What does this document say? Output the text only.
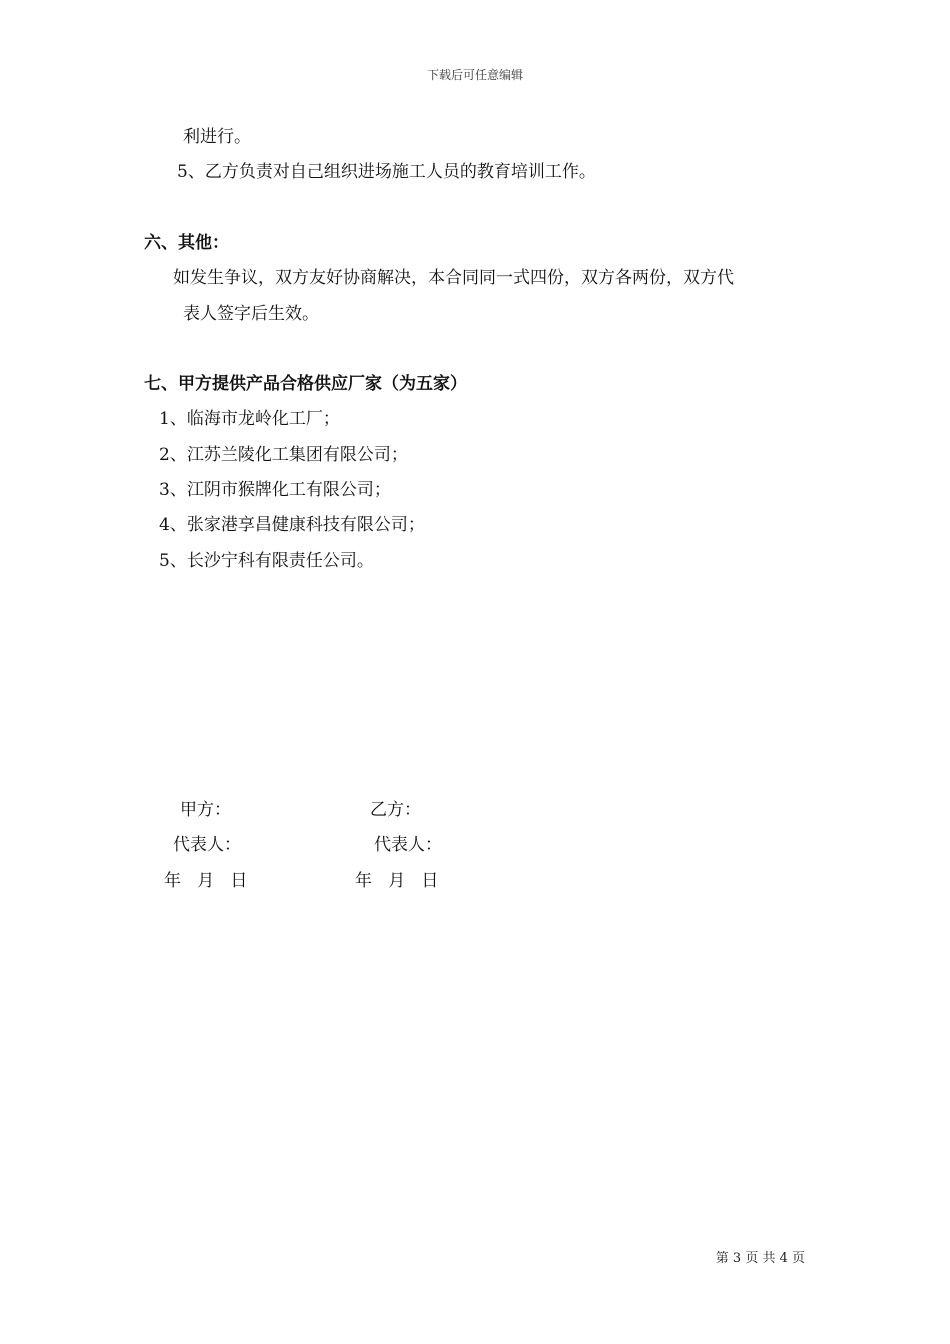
下载后可任意编辑
利进行。
5、乙方负责对自己组织进场施工人员的教育培训工作。
六、其他：
如发生争议，双方友好协商解决，本合同同一式四份，双方各两份，双方代
表人签字后生效。
七、甲方提供产品合格供应厂家（为五家）
1、临海市龙岭化工厂；
2、江苏兰陵化工集团有限公司；
3、江阴市猴牌化工有限公司；
4、张家港享昌健康科技有限公司；
5、长沙宁科有限责任公司。
甲方：	乙方：
代表人：	代表人：
年   月   日	年   月   日
第 3 页 共 4 页
